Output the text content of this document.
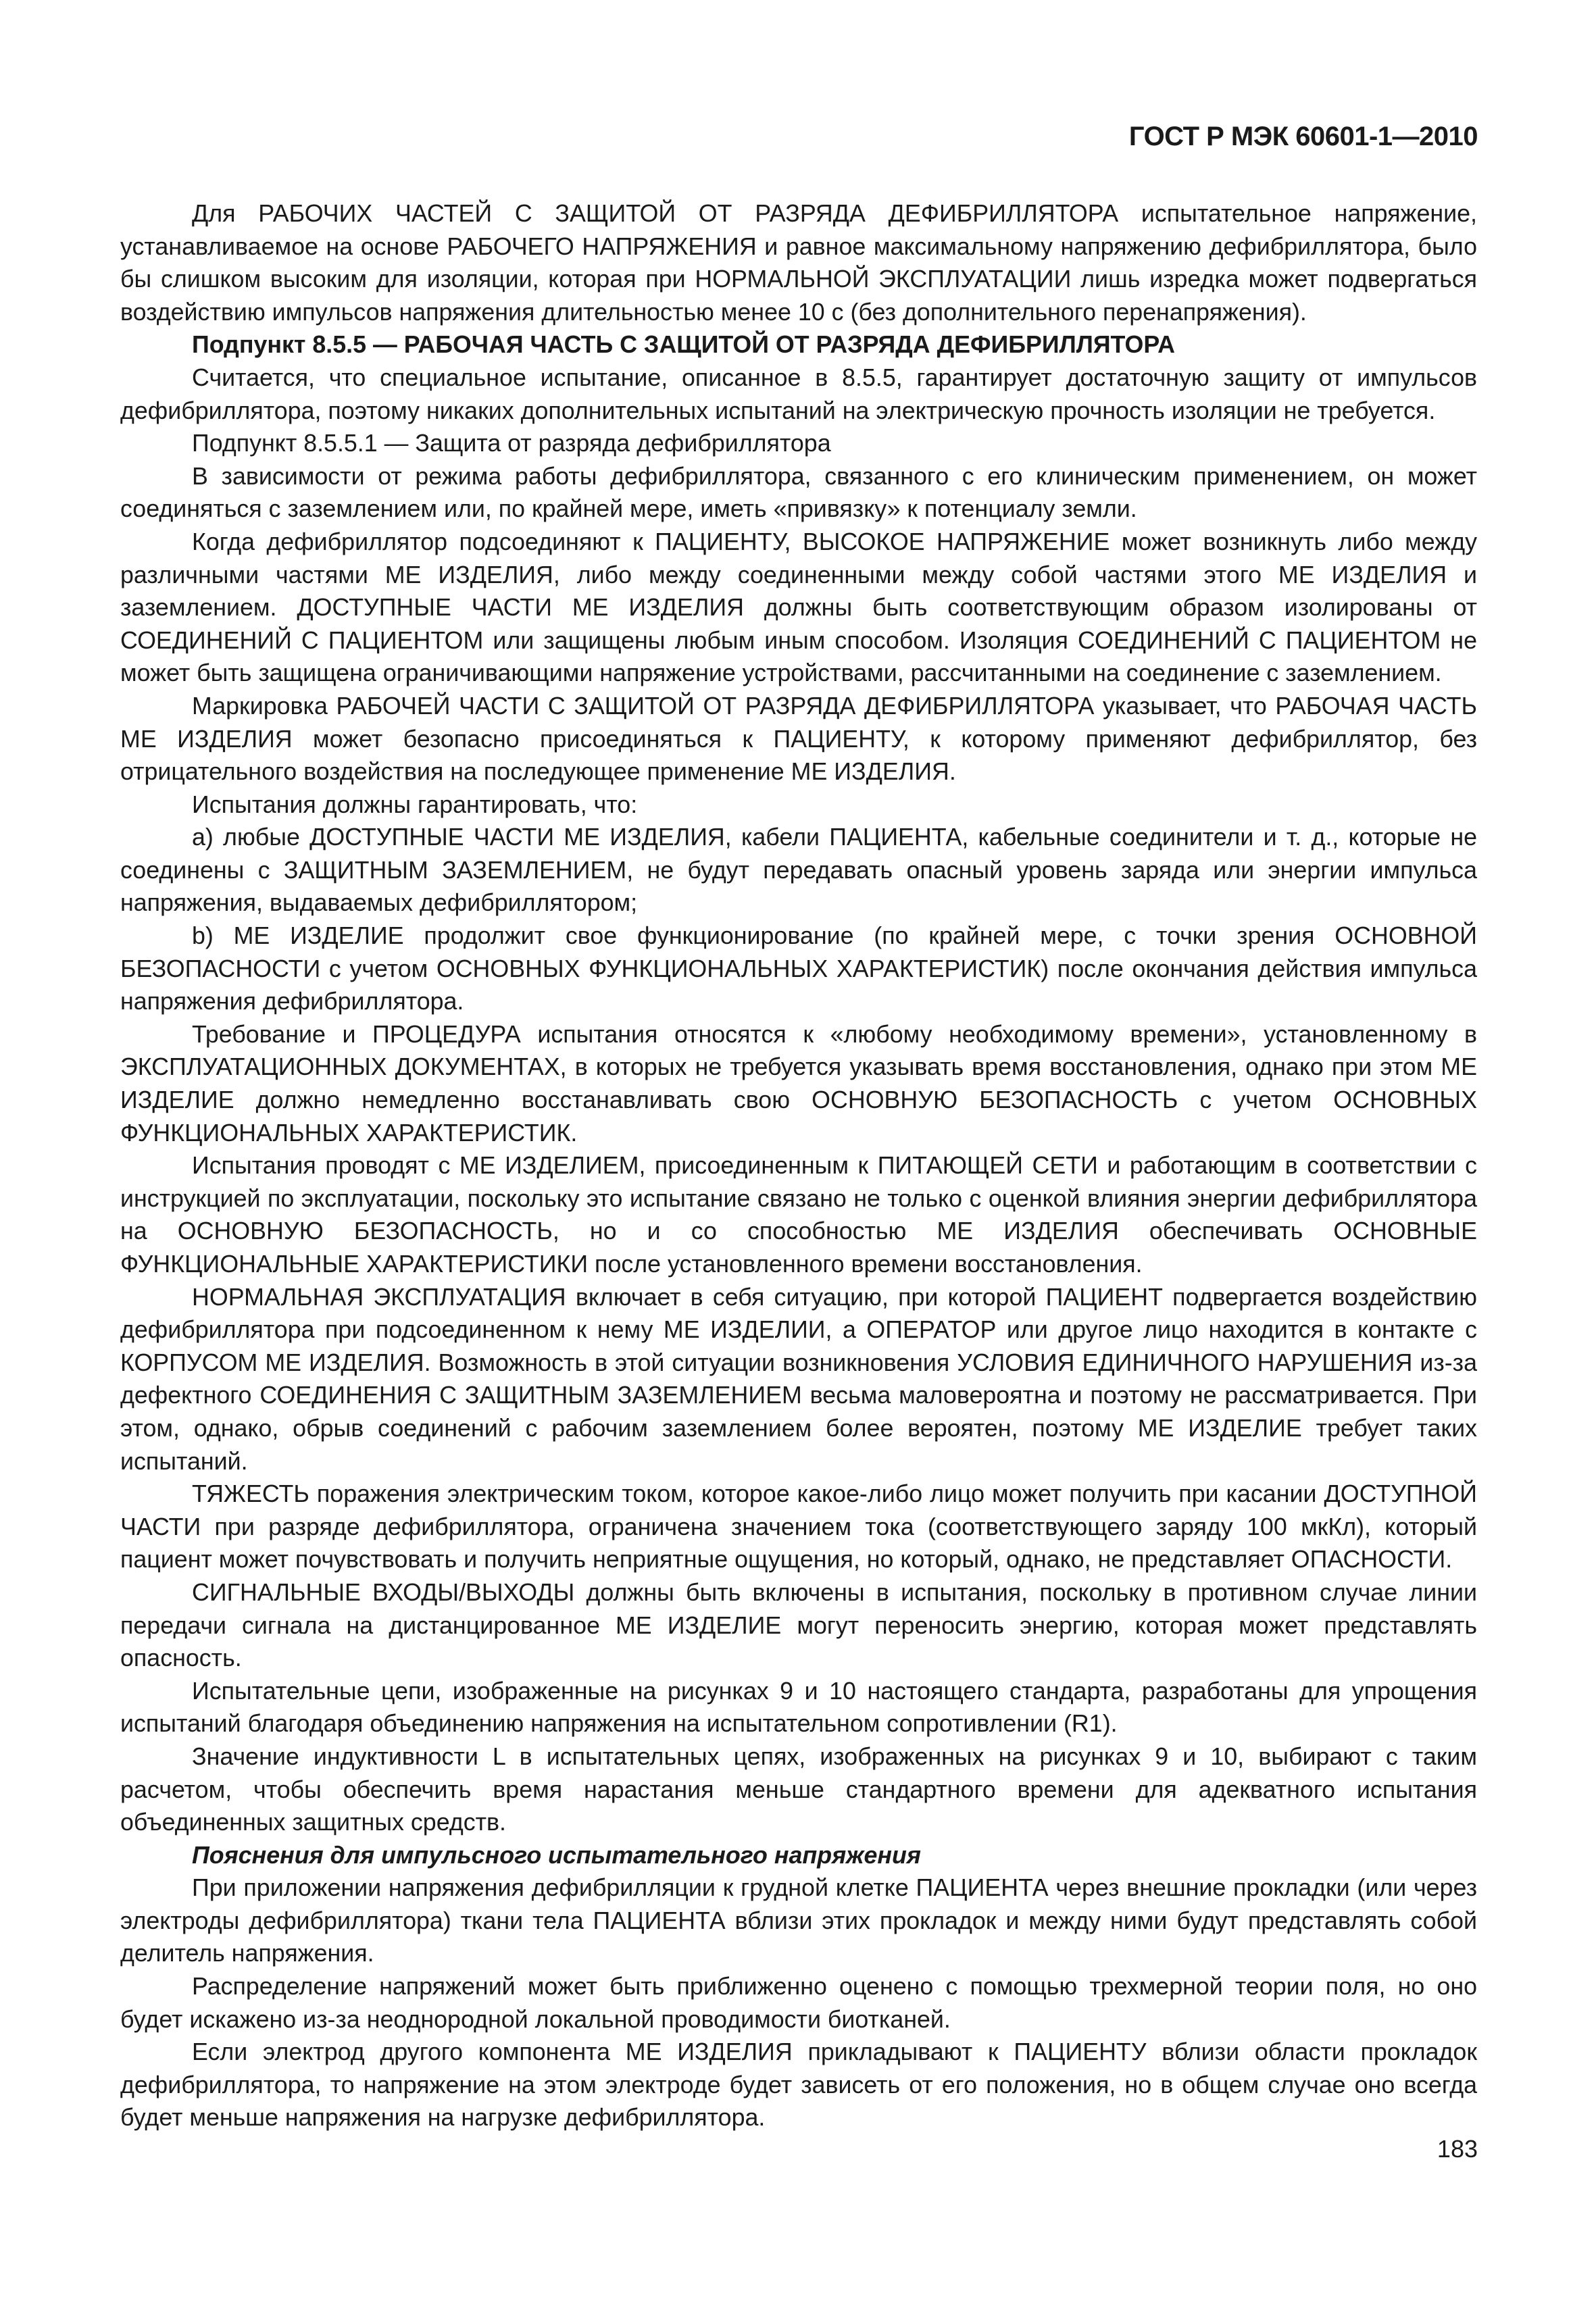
ГОСТ Р МЭК 60601-1—2010

Для РАБОЧИХ ЧАСТЕЙ С ЗАЩИТОЙ ОТ РАЗРЯДА ДЕФИБРИЛЛЯТОРА испытательное напряжение, устанавливаемое на основе РАБОЧЕГО НАПРЯЖЕНИЯ и равное максимальному напряжению дефибриллятора, было бы слишком высоким для изоляции, которая при НОРМАЛЬНОЙ ЭКСПЛУАТАЦИИ лишь изредка может подвергаться воздействию импульсов напряжения длительностью менее 10 с (без дополнительного перенапряжения).

Подпункт 8.5.5 — РАБОЧАЯ ЧАСТЬ С ЗАЩИТОЙ ОТ РАЗРЯДА ДЕФИБРИЛЛЯТОРА

Считается, что специальное испытание, описанное в 8.5.5, гарантирует достаточную защиту от импульсов дефибриллятора, поэтому никаких дополнительных испытаний на электрическую прочность изоляции не требуется.

Подпункт 8.5.5.1 — Защита от разряда дефибриллятора

В зависимости от режима работы дефибриллятора, связанного с его клиническим применением, он может соединяться с заземлением или, по крайней мере, иметь «привязку» к потенциалу земли.

Когда дефибриллятор подсоединяют к ПАЦИЕНТУ, ВЫСОКОЕ НАПРЯЖЕНИЕ может возникнуть либо между различными частями МЕ ИЗДЕЛИЯ, либо между соединенными между собой частями этого МЕ ИЗДЕЛИЯ и заземлением. ДОСТУПНЫЕ ЧАСТИ МЕ ИЗДЕЛИЯ должны быть соответствующим образом изолированы от СОЕДИНЕНИЙ С ПАЦИЕНТОМ или защищены любым иным способом. Изоляция СОЕДИНЕНИЙ С ПАЦИЕНТОМ не может быть защищена ограничивающими напряжение устройствами, рассчитанными на соединение с заземлением.

Маркировка РАБОЧЕЙ ЧАСТИ С ЗАЩИТОЙ ОТ РАЗРЯДА ДЕФИБРИЛЛЯТОРА указывает, что РАБОЧАЯ ЧАСТЬ МЕ ИЗДЕЛИЯ может безопасно присоединяться к ПАЦИЕНТУ, к которому применяют дефибриллятор, без отрицательного воздействия на последующее применение МЕ ИЗДЕЛИЯ.

Испытания должны гарантировать, что:

a) любые ДОСТУПНЫЕ ЧАСТИ МЕ ИЗДЕЛИЯ, кабели ПАЦИЕНТА, кабельные соединители и т. д., которые не соединены с ЗАЩИТНЫМ ЗАЗЕМЛЕНИЕМ, не будут передавать опасный уровень заряда или энергии импульса напряжения, выдаваемых дефибриллятором;

b) МЕ ИЗДЕЛИЕ продолжит свое функционирование (по крайней мере, с точки зрения ОСНОВНОЙ БЕЗОПАСНОСТИ с учетом ОСНОВНЫХ ФУНКЦИОНАЛЬНЫХ ХАРАКТЕРИСТИК) после окончания действия импульса напряжения дефибриллятора.

Требование и ПРОЦЕДУРА испытания относятся к «любому необходимому времени», установленному в ЭКСПЛУАТАЦИОННЫХ ДОКУМЕНТАХ, в которых не требуется указывать время восстановления, однако при этом МЕ ИЗДЕЛИЕ должно немедленно восстанавливать свою ОСНОВНУЮ БЕЗОПАСНОСТЬ с учетом ОСНОВНЫХ ФУНКЦИОНАЛЬНЫХ ХАРАКТЕРИСТИК.

Испытания проводят с МЕ ИЗДЕЛИЕМ, присоединенным к ПИТАЮЩЕЙ СЕТИ и работающим в соответствии с инструкцией по эксплуатации, поскольку это испытание связано не только с оценкой влияния энергии дефибриллятора на ОСНОВНУЮ БЕЗОПАСНОСТЬ, но и со способностью МЕ ИЗДЕЛИЯ обеспечивать ОСНОВНЫЕ ФУНКЦИОНАЛЬНЫЕ ХАРАКТЕРИСТИКИ после установленного времени восстановления.

НОРМАЛЬНАЯ ЭКСПЛУАТАЦИЯ включает в себя ситуацию, при которой ПАЦИЕНТ подвергается воздействию дефибриллятора при подсоединенном к нему МЕ ИЗДЕЛИИ, а ОПЕРАТОР или другое лицо находится в контакте с КОРПУСОМ МЕ ИЗДЕЛИЯ. Возможность в этой ситуации возникновения УСЛОВИЯ ЕДИНИЧНОГО НАРУШЕНИЯ из-за дефектного СОЕДИНЕНИЯ С ЗАЩИТНЫМ ЗАЗЕМЛЕНИЕМ весьма маловероятна и поэтому не рассматривается. При этом, однако, обрыв соединений с рабочим заземлением более вероятен, поэтому МЕ ИЗДЕЛИЕ требует таких испытаний.

ТЯЖЕСТЬ поражения электрическим током, которое какое-либо лицо может получить при касании ДОСТУПНОЙ ЧАСТИ при разряде дефибриллятора, ограничена значением тока (соответствующего заряду 100 мкКл), который пациент может почувствовать и получить неприятные ощущения, но который, однако, не представляет ОПАСНОСТИ.

СИГНАЛЬНЫЕ ВХОДЫ/ВЫХОДЫ должны быть включены в испытания, поскольку в противном случае линии передачи сигнала на дистанцированное МЕ ИЗДЕЛИЕ могут переносить энергию, которая может представлять опасность.

Испытательные цепи, изображенные на рисунках 9 и 10 настоящего стандарта, разработаны для упрощения испытаний благодаря объединению напряжения на испытательном сопротивлении (R1).

Значение индуктивности L в испытательных цепях, изображенных на рисунках 9 и 10, выбирают с таким расчетом, чтобы обеспечить время нарастания меньше стандартного времени для адекватного испытания объединенных защитных средств.

Пояснения для импульсного испытательного напряжения

При приложении напряжения дефибрилляции к грудной клетке ПАЦИЕНТА через внешние прокладки (или через электроды дефибриллятора) ткани тела ПАЦИЕНТА вблизи этих прокладок и между ними будут представлять собой делитель напряжения.

Распределение напряжений может быть приближенно оценено с помощью трехмерной теории поля, но оно будет искажено из-за неоднородной локальной проводимости биотканей.

Если электрод другого компонента МЕ ИЗДЕЛИЯ прикладывают к ПАЦИЕНТУ вблизи области прокладок дефибриллятора, то напряжение на этом электроде будет зависеть от его положения, но в общем случае оно всегда будет меньше напряжения на нагрузке дефибриллятора.

183
